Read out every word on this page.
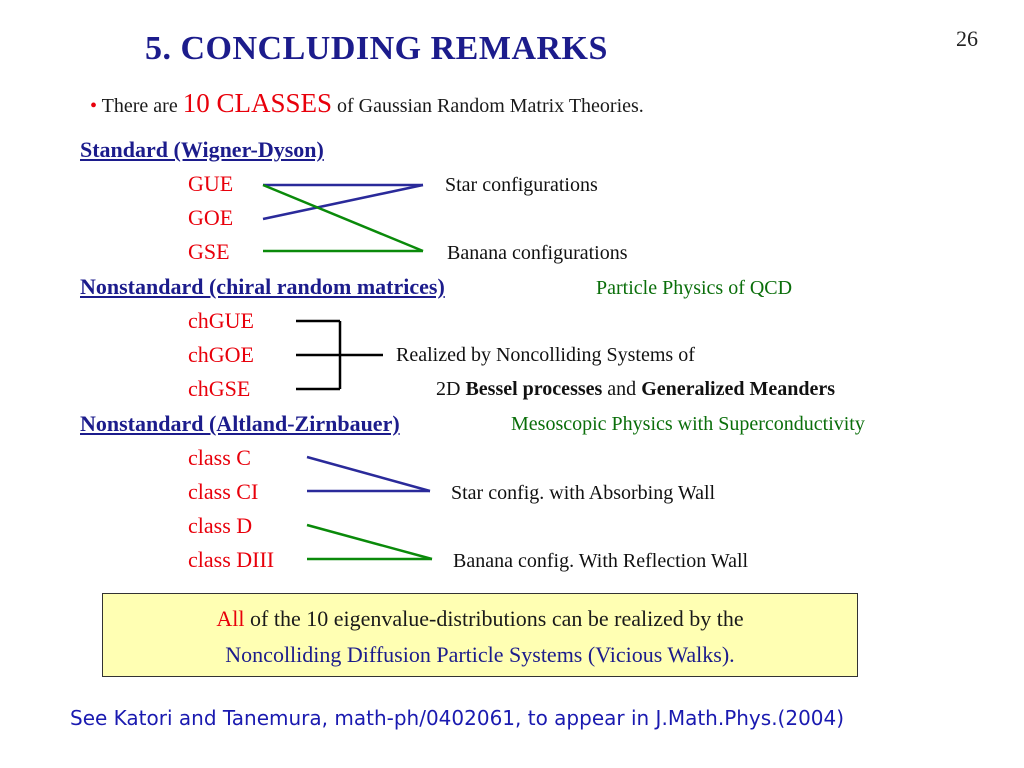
26
5. CONCLUDING REMARKS
• There are 10 CLASSES of Gaussian Random Matrix Theories.
Standard (Wigner-Dyson)
GUE
GOE
GSE
Star configurations
Banana configurations
Nonstandard (chiral random matrices)	Particle Physics of QCD
chGUE
chGOE
chGSE
Realized by Noncolliding Systems of
2D Bessel processes and Generalized Meanders
Nonstandard (Altland-Zirnbauer)	Mesoscopic Physics with Superconductivity
class C
class CI
class D
class DIII
Star config. with Absorbing Wall
Banana config. With Reflection Wall
All of the 10 eigenvalue-distributions can be realized by the
Noncolliding Diffusion Particle Systems (Vicious Walks).
See Katori and Tanemura, math-ph/0402061, to appear in J.Math.Phys.(2004)
